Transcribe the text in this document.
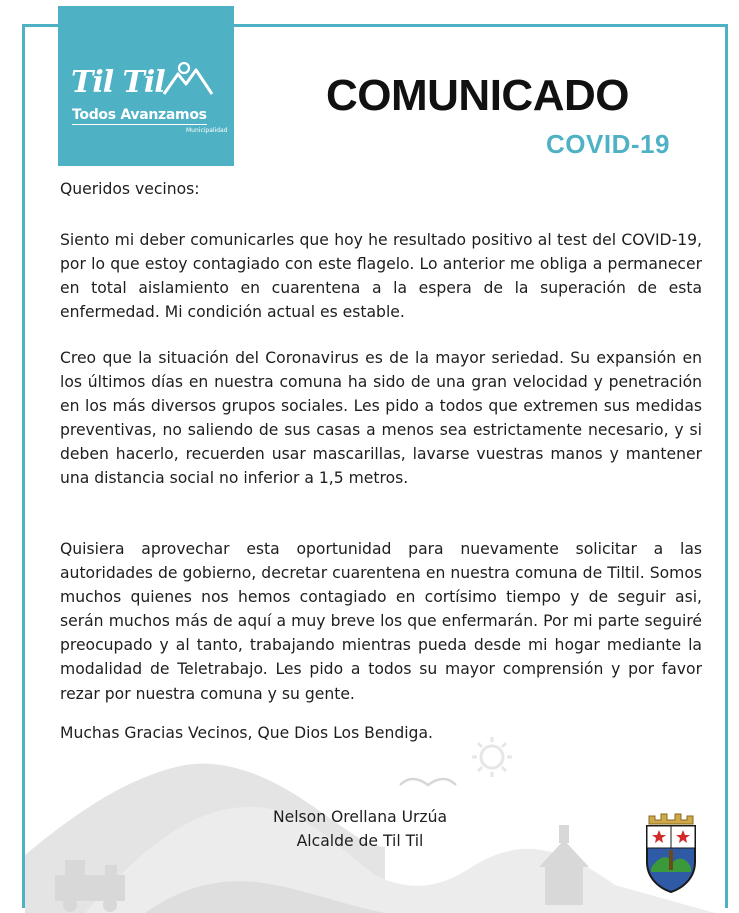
Til Til
Todos Avanzamos
Municipalidad
COMUNICADO
COVID-19
Queridos vecinos:

Siento mi deber comunicarles que hoy he resultado positivo al test del COVID-19, por lo que estoy contagiado con este flagelo. Lo anterior me obliga a permanecer en total aislamiento en cuarentena a la espera de la superación de esta enfermedad. Mi condición actual es estable.

Creo que la situación del Coronavirus es de la mayor seriedad. Su expansión en los últimos días en nuestra comuna ha sido de una gran velocidad y penetración en los más diversos grupos sociales. Les pido a todos que extremen sus medidas preventivas, no saliendo de sus casas a menos sea estrictamente necesario, y si deben hacerlo, recuerden usar mascarillas, lavarse vuestras manos y mantener una distancia social no inferior a 1,5 metros.

Quisiera aprovechar esta oportunidad para nuevamente solicitar a las autoridades de gobierno, decretar cuarentena en nuestra comuna de Tiltil. Somos muchos quienes nos hemos contagiado en cortísimo tiempo y de seguir asi, serán muchos más de aquí a muy breve los que enfermarán. Por mi parte seguiré preocupado y al tanto, trabajando mientras pueda desde mi hogar mediante la modalidad de Teletrabajo. Les pido a todos su mayor comprensión y por favor rezar por nuestra comuna y su gente.

Muchas Gracias Vecinos, Que Dios Los Bendiga.
Nelson Orellana Urzúa
Alcalde de Til Til
